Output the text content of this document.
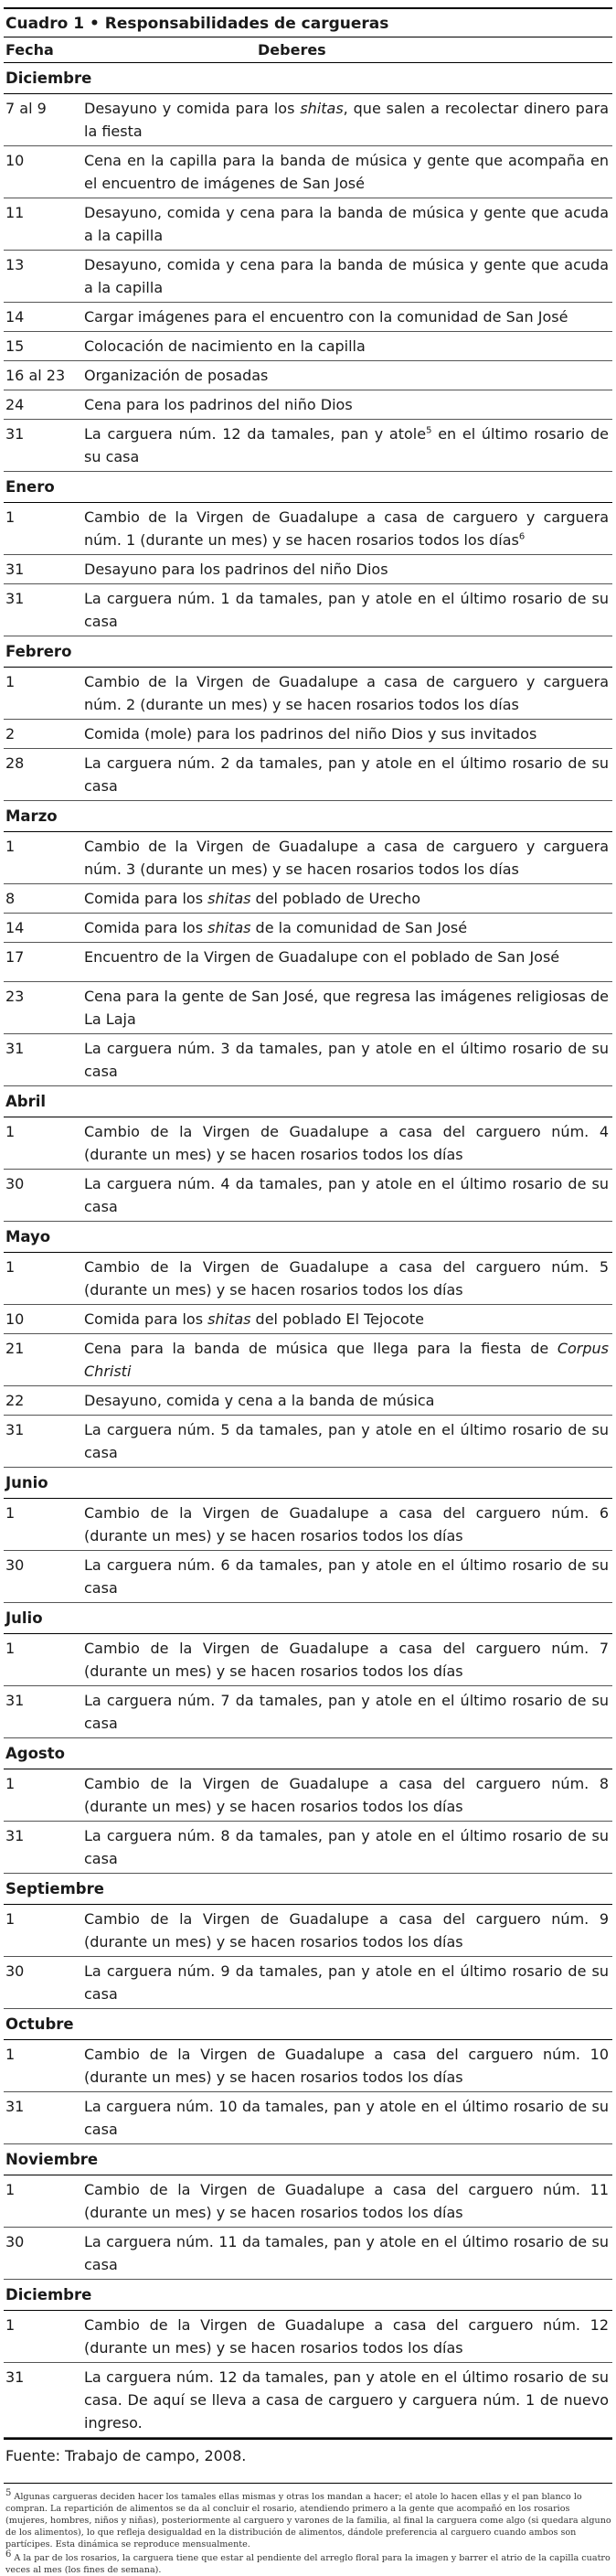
Cuadro 1 • Responsabilidades de cargueras
Fecha	Deberes
Diciembre
7 al 9	Desayuno y comida para los shitas, que salen a recolectar dinero para la fiesta
10	Cena en la capilla para la banda de música y gente que acompaña en el encuentro de imágenes de San José
11	Desayuno, comida y cena para la banda de música y gente que acuda a la capilla
13	Desayuno, comida y cena para la banda de música y gente que acuda a la capilla
14	Cargar imágenes para el encuentro con la comunidad de San José
15	Colocación de nacimiento en la capilla
16 al 23	Organización de posadas
24	Cena para los padrinos del niño Dios
31	La carguera núm. 12 da tamales, pan y atole$^5$ en el último rosario de su casa
Enero
1	Cambio de la Virgen de Guadalupe a casa de carguero y carguera núm. 1 (durante un mes) y se hacen rosarios todos los días$^6$
31	Desayuno para los padrinos del niño Dios
31	La carguera núm. 1 da tamales, pan y atole en el último rosario de su casa
Febrero
1	Cambio de la Virgen de Guadalupe a casa de carguero y carguera núm. 2 (durante un mes) y se hacen rosarios todos los días
2	Comida (mole) para los padrinos del niño Dios y sus invitados
28	La carguera núm. 2 da tamales, pan y atole en el último rosario de su casa
Marzo
1	Cambio de la Virgen de Guadalupe a casa de carguero y carguera núm. 3 (durante un mes) y se hacen rosarios todos los días
8	Comida para los shitas del poblado de Urecho
14	Comida para los shitas de la comunidad de San José
17	Encuentro de la Virgen de Guadalupe con el poblado de San José
23	Cena para la gente de San José, que regresa las imágenes religiosas de La Laja
31	La carguera núm. 3 da tamales, pan y atole en el último rosario de su casa
Abril
1	Cambio de la Virgen de Guadalupe a casa del carguero núm. 4 (durante un mes) y se hacen rosarios todos los días
30	La carguera núm. 4 da tamales, pan y atole en el último rosario de su casa
Mayo
1	Cambio de la Virgen de Guadalupe a casa del carguero núm. 5 (durante un mes) y se hacen rosarios todos los días
10	Comida para los shitas del poblado El Tejocote
21	Cena para la banda de música que llega para la fiesta de Corpus Christi
22	Desayuno, comida y cena a la banda de música
31	La carguera núm. 5 da tamales, pan y atole en el último rosario de su casa
Junio
1	Cambio de la Virgen de Guadalupe a casa del carguero núm. 6 (durante un mes) y se hacen rosarios todos los días
30	La carguera núm. 6 da tamales, pan y atole en el último rosario de su casa
Julio
1	Cambio de la Virgen de Guadalupe a casa del carguero núm. 7 (durante un mes) y se hacen rosarios todos los días
31	La carguera núm. 7 da tamales, pan y atole en el último rosario de su casa
Agosto
1	Cambio de la Virgen de Guadalupe a casa del carguero núm. 8 (durante un mes) y se hacen rosarios todos los días
31	La carguera núm. 8 da tamales, pan y atole en el último rosario de su casa
Septiembre
1	Cambio de la Virgen de Guadalupe a casa del carguero núm. 9 (durante un mes) y se hacen rosarios todos los días
30	La carguera núm. 9 da tamales, pan y atole en el último rosario de su casa
Octubre
1	Cambio de la Virgen de Guadalupe a casa del carguero núm. 10 (durante un mes) y se hacen rosarios todos los días
31	La carguera núm. 10 da tamales, pan y atole en el último rosario de su casa
Noviembre
1	Cambio de la Virgen de Guadalupe a casa del carguero núm. 11 (durante un mes) y se hacen rosarios todos los días
30	La carguera núm. 11 da tamales, pan y atole en el último rosario de su casa
Diciembre
1	Cambio de la Virgen de Guadalupe a casa del carguero núm. 12 (durante un mes) y se hacen rosarios todos los días
31	La carguera núm. 12 da tamales, pan y atole en el último rosario de su casa. De aquí se lleva a casa de carguero y carguera núm. 1 de nuevo ingreso.
Fuente: Trabajo de campo, 2008.

$^5$ Algunas cargueras deciden hacer los tamales ellas mismas y otras los mandan a hacer; el atole lo hacen ellas y el pan blanco lo compran. La repartición de alimentos se da al concluir el rosario, atendiendo primero a la gente que acompañó en los rosarios (mujeres, hombres, niños y niñas), posteriormente al carguero y varones de la familia, al final la carguera come algo (si quedara alguno de los alimentos), lo que refleja desigualdad en la distribución de alimentos, dándole preferencia al carguero cuando ambos son partícipes. Esta dinámica se reproduce mensualmente.

$^6$ A la par de los rosarios, la carguera tiene que estar al pendiente del arreglo floral para la imagen y barrer el atrio de la capilla cuatro veces al mes (los fines de semana).
